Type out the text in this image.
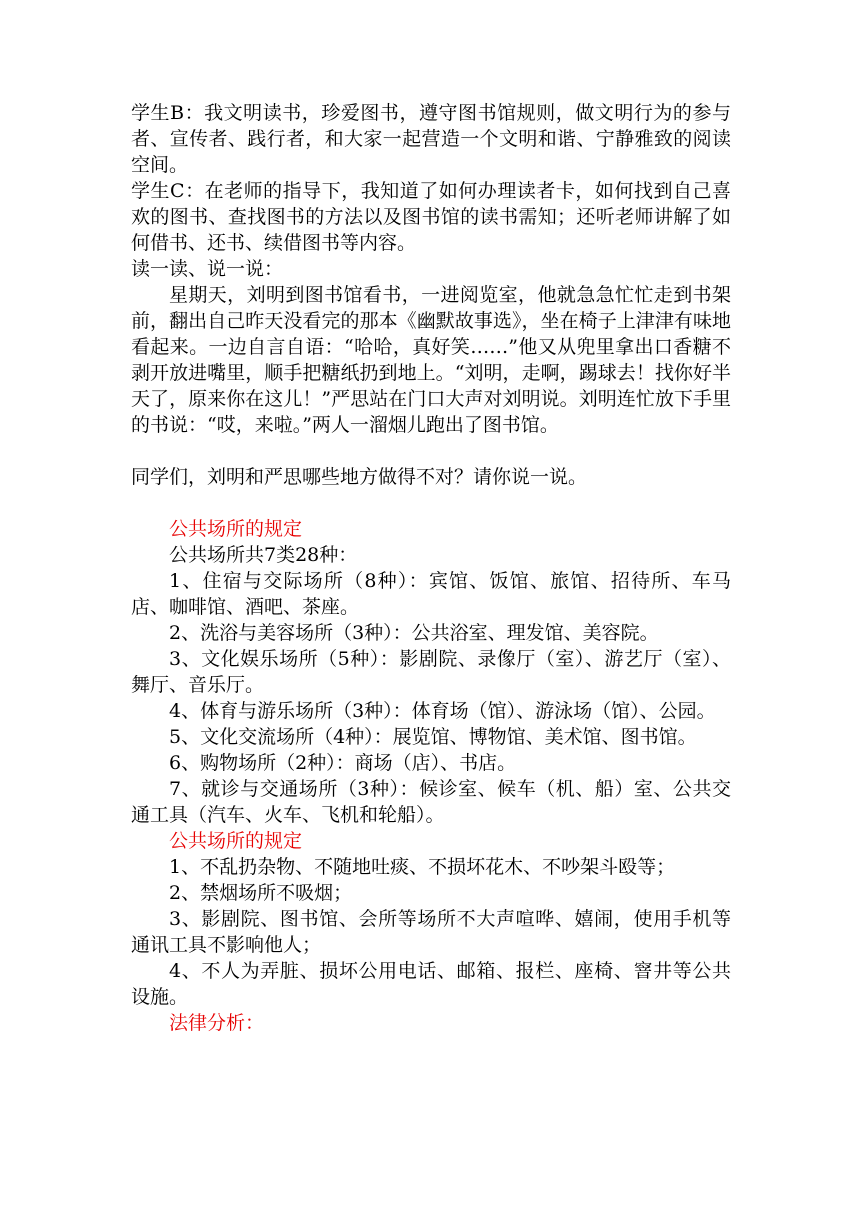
学生B：我文明读书，珍爱图书，遵守图书馆规则，做文明行为的参与者、宣传者、践行者，和大家一起营造一个文明和谐、宁静雅致的阅读空间。

学生C：在老师的指导下，我知道了如何办理读者卡，如何找到自己喜欢的图书、查找图书的方法以及图书馆的读书需知；还听老师讲解了如何借书、还书、续借图书等内容。

读一读、说一说：

星期天，刘明到图书馆看书，一进阅览室，他就急急忙忙走到书架前，翻出自己昨天没看完的那本《幽默故事选》，坐在椅子上津津有味地看起来。一边自言自语：“哈哈，真好笑……”他又从兜里拿出口香糖不剥开放进嘴里，顺手把糖纸扔到地上。“刘明，走啊，踢球去！找你好半天了，原来你在这儿！”严思站在门口大声对刘明说。刘明连忙放下手里的书说：“哎，来啦。”两人一溜烟儿跑出了图书馆。

同学们，刘明和严思哪些地方做得不对？请你说一说。

公共场所的规定

公共场所共7类28种：

1、住宿与交际场所（8种）：宾馆、饭馆、旅馆、招待所、车马店、咖啡馆、酒吧、茶座。

2、洗浴与美容场所（3种）：公共浴室、理发馆、美容院。

3、文化娱乐场所（5种）：影剧院、录像厅（室）、游艺厅（室）、舞厅、音乐厅。

4、体育与游乐场所（3种）：体育场（馆）、游泳场（馆）、公园。

5、文化交流场所（4种）：展览馆、博物馆、美术馆、图书馆。

6、购物场所（2种）：商场（店）、书店。

7、就诊与交通场所（3种）：候诊室、候车（机、船）室、公共交通工具（汽车、火车、飞机和轮船）。

公共场所的规定

1、不乱扔杂物、不随地吐痰、不损坏花木、不吵架斗殴等；

2、禁烟场所不吸烟；

3、影剧院、图书馆、会所等场所不大声喧哗、嬉闹，使用手机等通讯工具不影响他人；

4、不人为弄脏、损坏公用电话、邮箱、报栏、座椅、窨井等公共设施。

法律分析：
